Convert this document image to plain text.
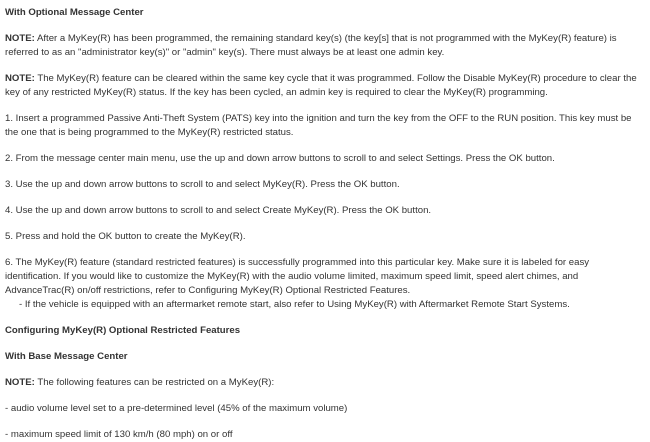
With Optional Message Center

NOTE: After a MyKey(R) has been programmed, the remaining standard key(s) (the key[s] that is not programmed with the MyKey(R) feature) is referred to as an "administrator key(s)" or "admin" key(s). There must always be at least one admin key.

NOTE: The MyKey(R) feature can be cleared within the same key cycle that it was programmed. Follow the Disable MyKey(R) procedure to clear the key of any restricted MyKey(R) status. If the key has been cycled, an admin key is required to clear the MyKey(R) programming.

1. Insert a programmed Passive Anti-Theft System (PATS) key into the ignition and turn the key from the OFF to the RUN position. This key must be the one that is being programmed to the MyKey(R) restricted status.

2. From the message center main menu, use the up and down arrow buttons to scroll to and select Settings. Press the OK button.

3. Use the up and down arrow buttons to scroll to and select MyKey(R). Press the OK button.

4. Use the up and down arrow buttons to scroll to and select Create MyKey(R). Press the OK button.

5. Press and hold the OK button to create the MyKey(R).

6. The MyKey(R) feature (standard restricted features) is successfully programmed into this particular key. Make sure it is labeled for easy identification. If you would like to customize the MyKey(R) with the audio volume limited, maximum speed limit, speed alert chimes, and AdvanceTrac(R) on/off restrictions, refer to Configuring MyKey(R) Optional Restricted Features.

- If the vehicle is equipped with an aftermarket remote start, also refer to Using MyKey(R) with Aftermarket Remote Start Systems.

Configuring MyKey(R) Optional Restricted Features

With Base Message Center

NOTE: The following features can be restricted on a MyKey(R):

- audio volume level set to a pre-determined level (45% of the maximum volume)

- maximum speed limit of 130 km/h (80 mph) on or off
